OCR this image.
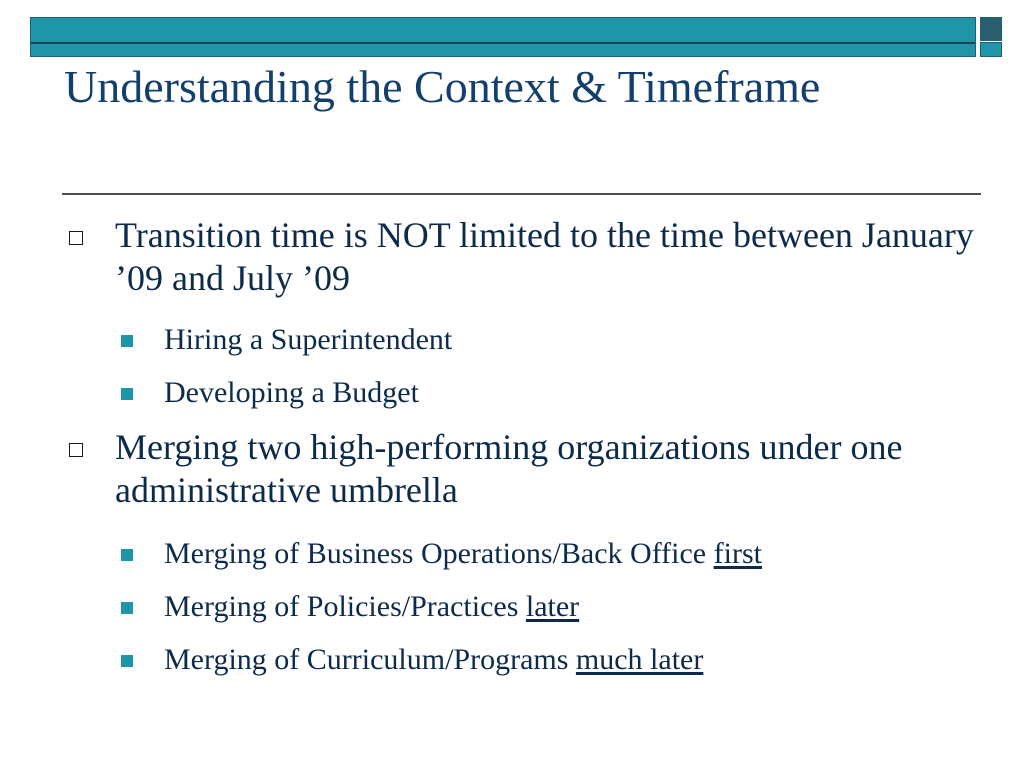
Understanding the Context & Timeframe
Transition time is NOT limited to the time between January ’09 and July ’09
Hiring a Superintendent
Developing a Budget
Merging two high-performing organizations under one administrative umbrella
Merging of Business Operations/Back Office first
Merging of Policies/Practices later
Merging of Curriculum/Programs much later
